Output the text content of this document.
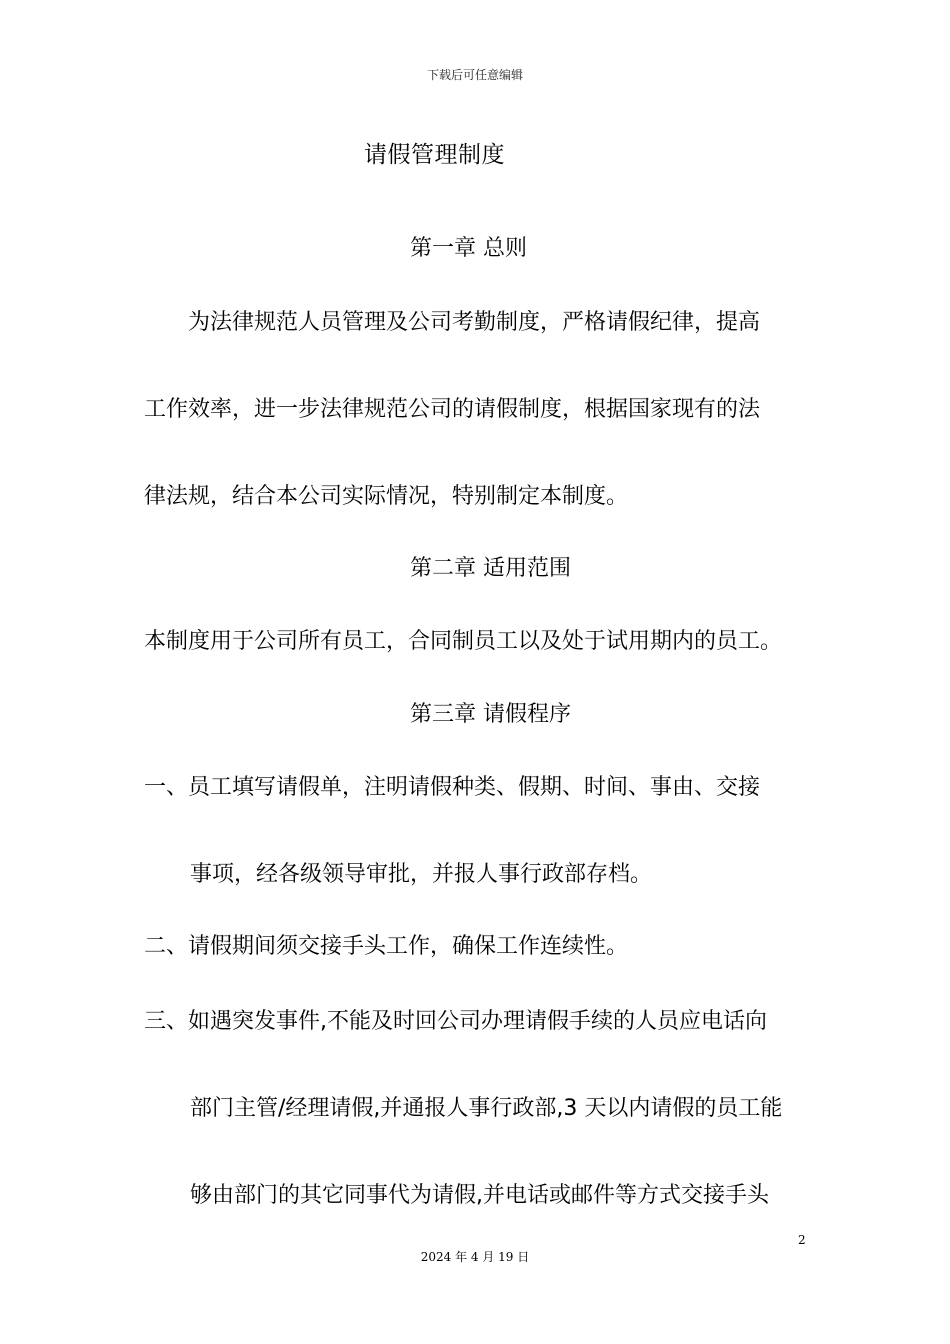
下载后可任意编辑
请假管理制度
第一章 总则
为法律规范人员管理及公司考勤制度，严格请假纪律，提高
工作效率，进一步法律规范公司的请假制度，根据国家现有的法
律法规，结合本公司实际情况，特别制定本制度。
第二章 适用范围
本制度用于公司所有员工，合同制员工以及处于试用期内的员工。
第三章 请假程序
一、员工填写请假单，注明请假种类、假期、时间、事由、交接
事项，经各级领导审批，并报人事行政部存档。
二、请假期间须交接手头工作，确保工作连续性。
三、如遇突发事件,不能及时回公司办理请假手续的人员应电话向
部门主管/经理请假,并通报人事行政部,3 天以内请假的员工能
够由部门的其它同事代为请假,并电话或邮件等方式交接手头
2
2024 年 4 月 19 日
